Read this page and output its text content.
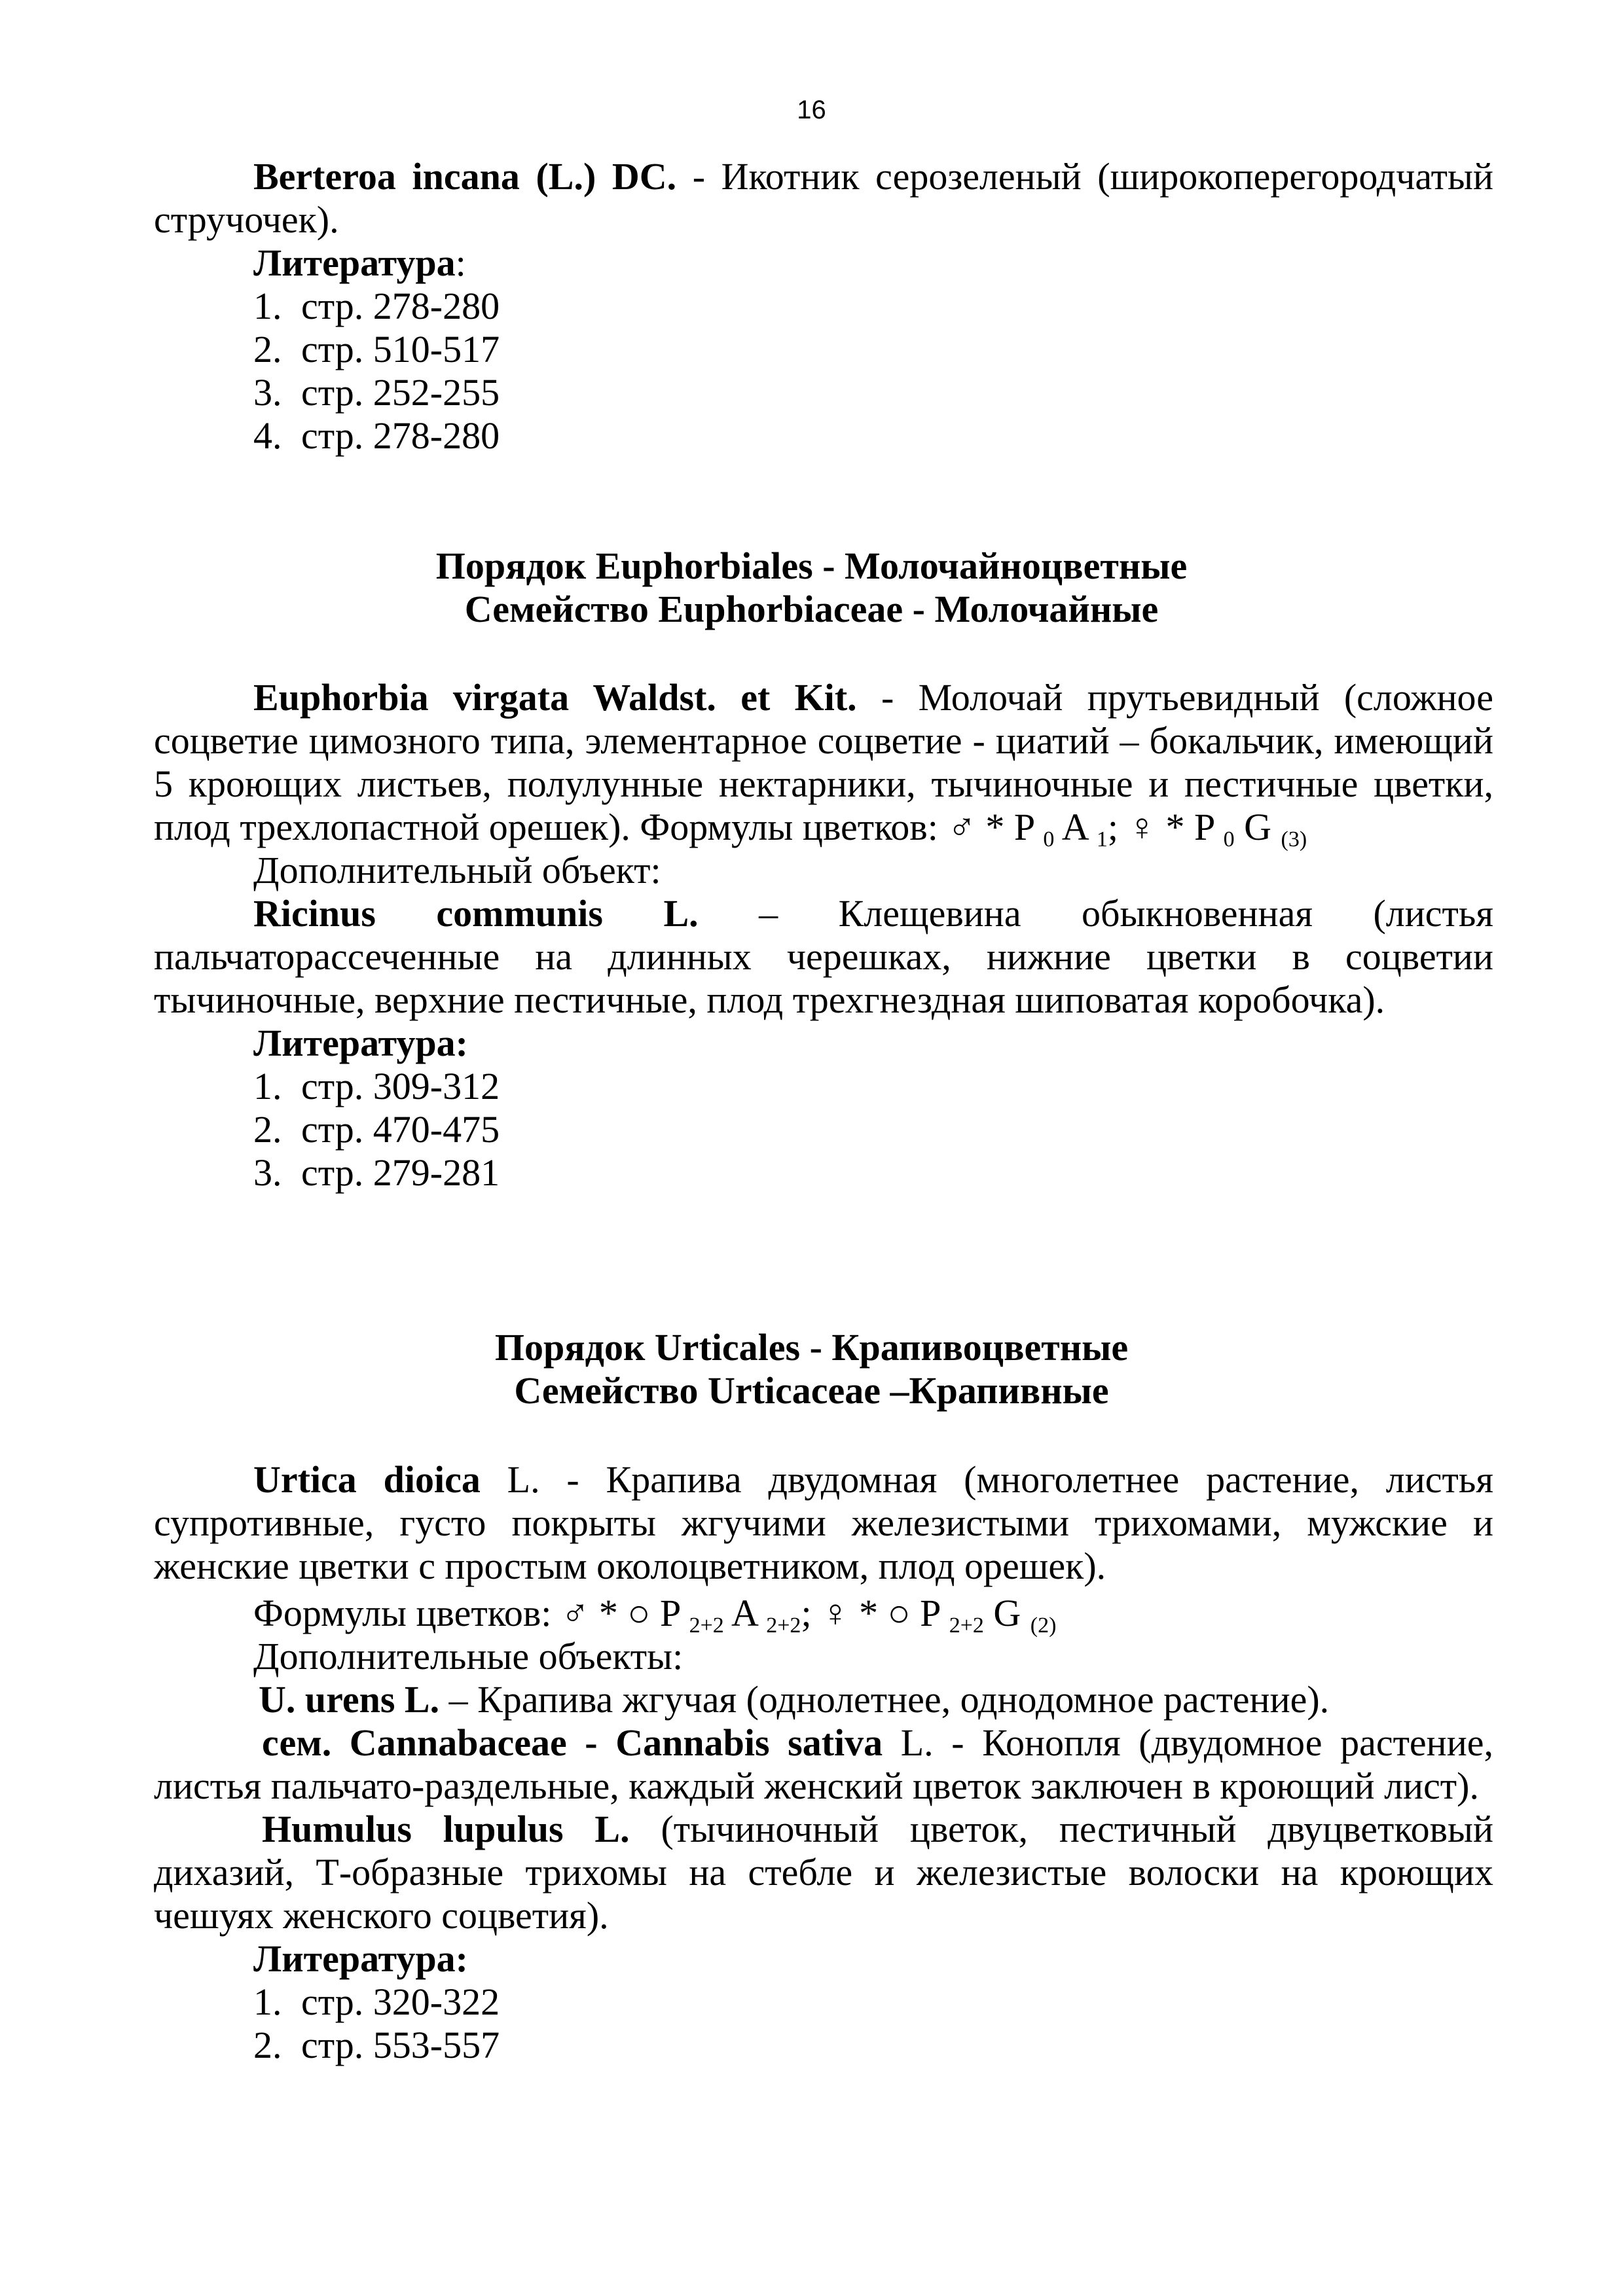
16

Berteroa incana (L.) DC. - Икотник серозеленый (широкоперегородчатый стручочек).

Литература:

1. стр. 278-280
2. стр. 510-517
3. стр. 252-255
4. стр. 278-280
Порядок Euphorbiales - Молочайноцветные
Семейство Euphorbiaceae - Молочайные

Euphorbia virgata Waldst. et Kit. - Молочай прутьевидный (сложное соцветие цимозного типа, элементарное соцветие - циатий – бокальчик, имеющий 5 кроющих листьев, полулунные нектарники, тычиночные и пестичные цветки, плод трехлопастной орешек). Формулы цветков: ♂ * P $_0$ A $_1$; ♀ * P $_0$ G $_{(3)}$

Дополнительный объект:

Ricinus communis L. – Клещевина обыкновенная (листья пальчаторассеченные на длинных черешках, нижние цветки в соцветии тычиночные, верхние пестичные, плод трехгнездная шиповатая коробочка).

Литература:

1. стр. 309-312
2. стр. 470-475
3. стр. 279-281
Порядок Urticales - Крапивоцветные
Семейство Urticaceae –Крапивные

Urtica dioica L. - Крапива двудомная (многолетнее растение, листья супротивные, густо покрыты жгучими железистыми трихомами, мужские и женские цветки с простым околоцветником, плод орешек).

Формулы цветков: ♂ * ○ P $_{2+2}$ A $_{2+2}$; ♀ * ○ P $_{2+2}$ G $_{(2)}$

Дополнительные объекты:

U. urens L. – Крапива жгучая (однолетнее, однодомное растение).

сем. Cannabaceae - Cannabis sativa L. - Конопля (двудомное растение, листья пальчато-раздельные, каждый женский цветок заключен в кроющий лист).

Humulus lupulus L. (тычиночный цветок, пестичный двуцветковый дихазий, Т-образные трихомы на стебле и железистые волоски на кроющих чешуях женского соцветия).

Литература:

1. стр. 320-322
2. стр. 553-557
